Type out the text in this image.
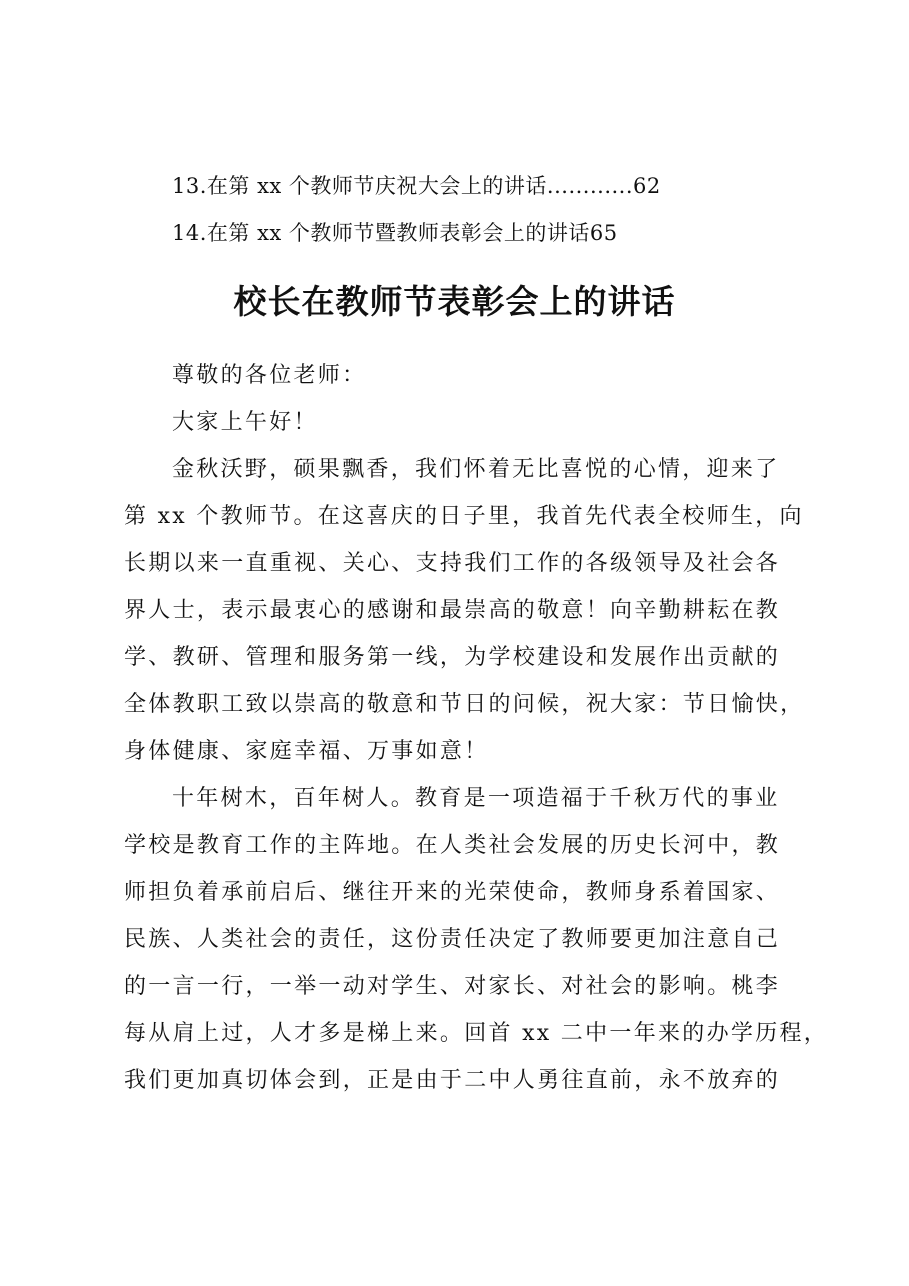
13.在第 xx 个教师节庆祝大会上的讲话............62
14.在第 xx 个教师节暨教师表彰会上的讲话65
校长在教师节表彰会上的讲话
尊敬的各位老师：
大家上午好！
金秋沃野，硕果飘香，我们怀着无比喜悦的心情，迎来了
第 xx 个教师节。在这喜庆的日子里，我首先代表全校师生，向
长期以来一直重视、关心、支持我们工作的各级领导及社会各
界人士，表示最衷心的感谢和最崇高的敬意！向辛勤耕耘在教
学、教研、管理和服务第一线，为学校建设和发展作出贡献的
全体教职工致以崇高的敬意和节日的问候，祝大家：节日愉快，
身体健康、家庭幸福、万事如意！
十年树木，百年树人。教育是一项造福于千秋万代的事业
学校是教育工作的主阵地。在人类社会发展的历史长河中，教
师担负着承前启后、继往开来的光荣使命，教师身系着国家、
民族、人类社会的责任，这份责任决定了教师要更加注意自己
的一言一行，一举一动对学生、对家长、对社会的影响。桃李
每从肩上过，人才多是梯上来。回首 xx 二中一年来的办学历程，
我们更加真切体会到，正是由于二中人勇往直前，永不放弃的
